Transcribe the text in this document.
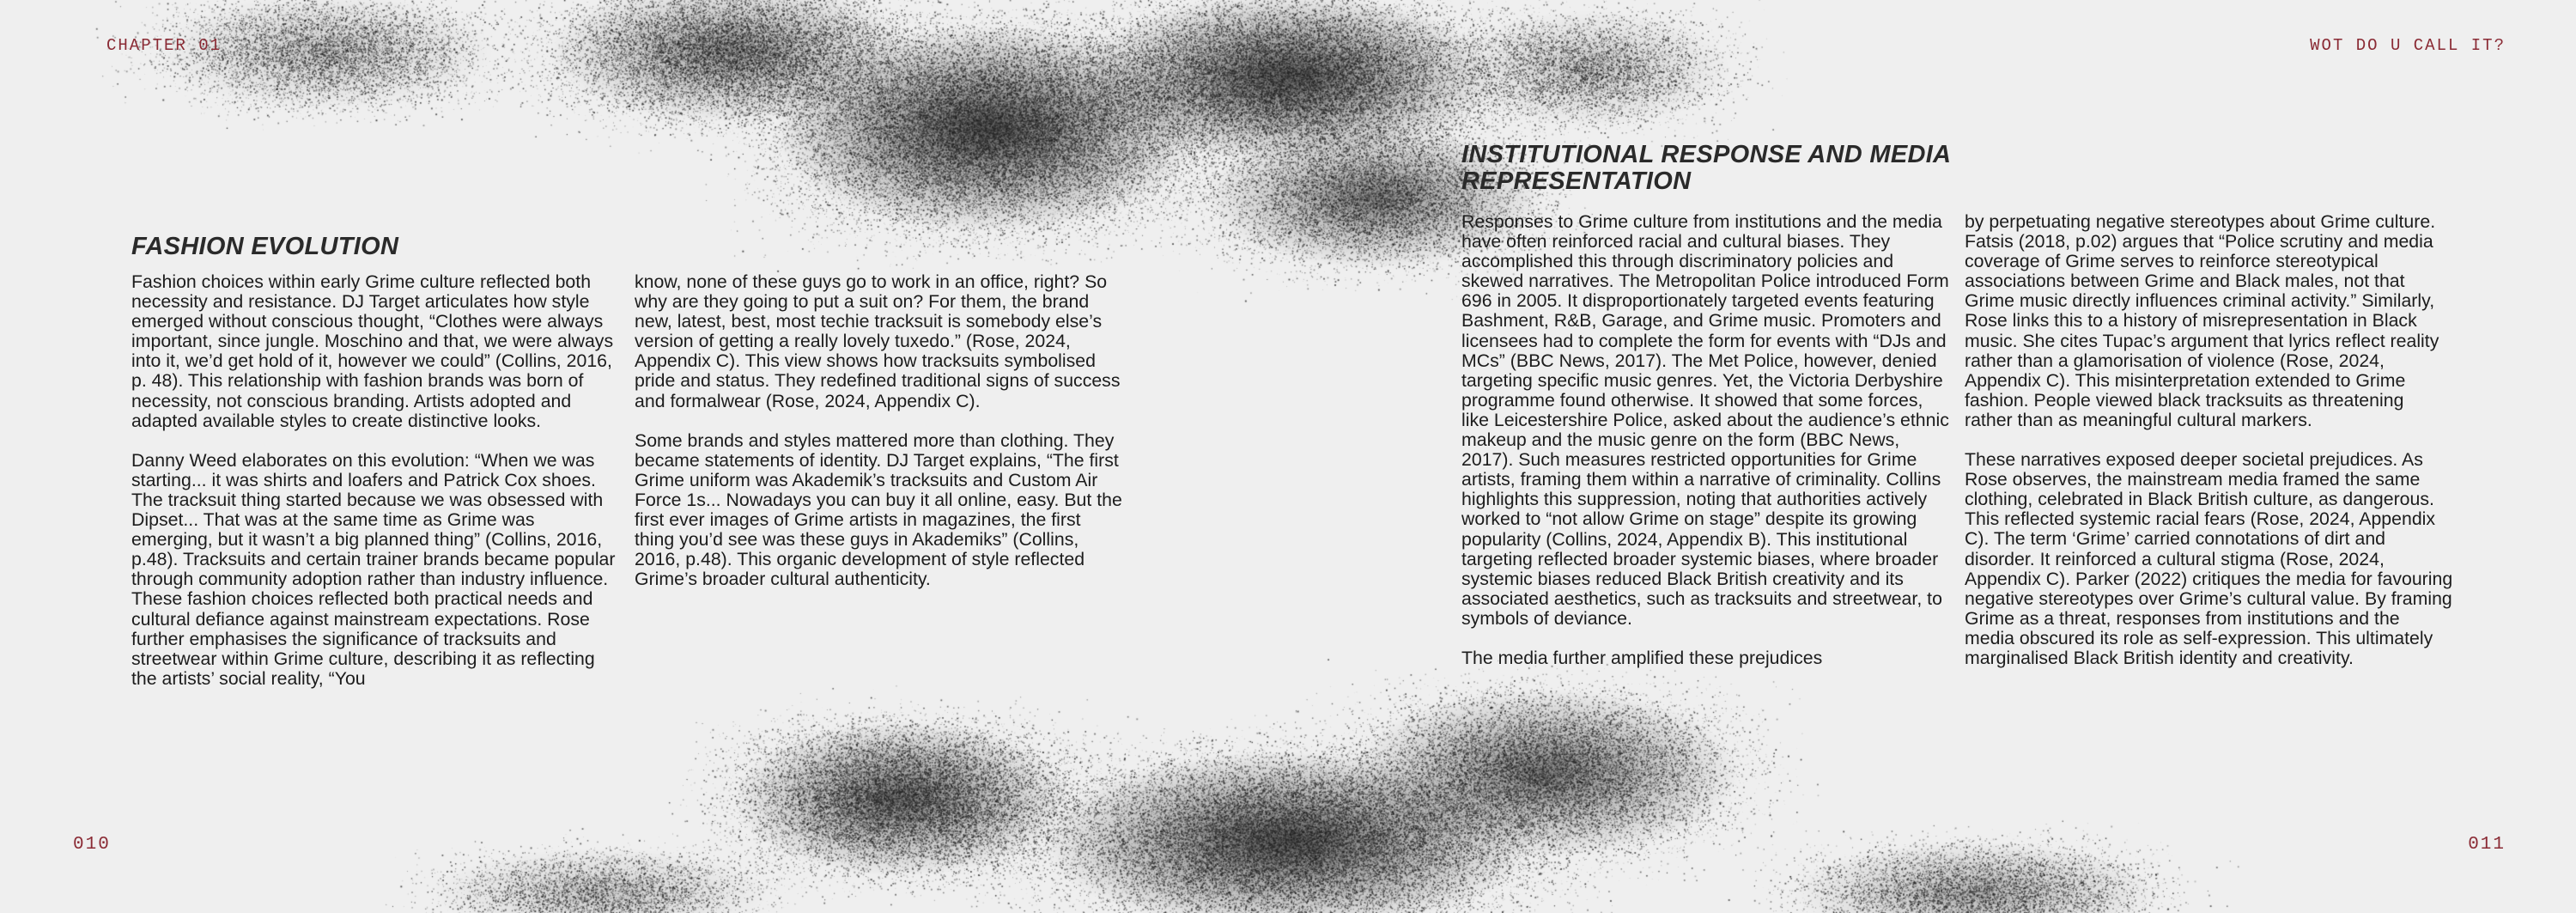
CHAPTER 01
FASHION EVOLUTION

Fashion choices within early Grime culture reflected both necessity and resistance. DJ Target articulates how style emerged without conscious thought, “Clothes were always important, since jungle. Moschino and that, we were always into it, we’d get hold of it, however we could” (Collins, 2016, p. 48). This relationship with fashion brands was born of necessity, not conscious branding. Artists adopted and adapted available styles to create distinctive looks.

Danny Weed elaborates on this evolution: “When we was starting... it was shirts and loafers and Patrick Cox shoes. The tracksuit thing started because we was obsessed with Dipset... That was at the same time as Grime was emerging, but it wasn’t a big planned thing” (Collins, 2016, p.48). Tracksuits and certain trainer brands became popular through community adoption rather than industry influence. These fashion choices reflected both practical needs and cultural defiance against mainstream expectations. Rose further emphasises the significance of tracksuits and streetwear within Grime culture, describing it as reflecting the artists’ social reality, “You

know, none of these guys go to work in an office, right? So why are they going to put a suit on? For them, the brand new, latest, best, most techie tracksuit is somebody else’s version of getting a really lovely tuxedo.” (Rose, 2024, Appendix C). This view shows how tracksuits symbolised pride and status. They redefined traditional signs of success and formalwear (Rose, 2024, Appendix C).

Some brands and styles mattered more than clothing. They became statements of identity. DJ Target explains, “The first Grime uniform was Akademik’s tracksuits and Custom Air Force 1s... Nowadays you can buy it all online, easy. But the first ever images of Grime artists in magazines, the first thing you’d see was these guys in Akademiks” (Collins, 2016, p.48). This organic development of style reflected Grime’s broader cultural authenticity.

010
WOT DO U CALL IT?
INSTITUTIONAL RESPONSE AND MEDIA
REPRESENTATION

Responses to Grime culture from institutions and the media have often reinforced racial and cultural biases. They accomplished this through discriminatory policies and skewed narratives. The Metropolitan Police introduced Form 696 in 2005. It disproportionately targeted events featuring Bashment, R&B, Garage, and Grime music. Promoters and licensees had to complete the form for events with “DJs and MCs” (BBC News, 2017). The Met Police, however, denied targeting specific music genres. Yet, the Victoria Derbyshire programme found otherwise. It showed that some forces, like Leicestershire Police, asked about the audience’s ethnic makeup and the music genre on the form (BBC News, 2017). Such measures restricted opportunities for Grime artists, framing them within a narrative of criminality. Collins highlights this suppression, noting that authorities actively worked to “not allow Grime on stage” despite its growing popularity (Collins, 2024, Appendix B). This institutional targeting reflected broader systemic biases, where broader systemic biases reduced Black British creativity and its associated aesthetics, such as tracksuits and streetwear, to symbols of deviance.

The media further amplified these prejudices

by perpetuating negative stereotypes about Grime culture. Fatsis (2018, p.02) argues that “Police scrutiny and media coverage of Grime serves to reinforce stereotypical associations between Grime and Black males, not that Grime music directly influences criminal activity.” Similarly, Rose links this to a history of misrepresentation in Black music. She cites Tupac’s argument that lyrics reflect reality rather than a glamorisation of violence (Rose, 2024, Appendix C). This misinterpretation extended to Grime fashion. People viewed black tracksuits as threatening rather than as meaningful cultural markers.

These narratives exposed deeper societal prejudices. As Rose observes, the mainstream media framed the same clothing, celebrated in Black British culture, as dangerous. This reflected systemic racial fears (Rose, 2024, Appendix C). The term ‘Grime’ carried connotations of dirt and disorder. It reinforced a cultural stigma (Rose, 2024, Appendix C). Parker (2022) critiques the media for favouring negative stereotypes over Grime’s cultural value. By framing Grime as a threat, responses from institutions and the media obscured its role as self-expression. This ultimately marginalised Black British identity and creativity.

011
